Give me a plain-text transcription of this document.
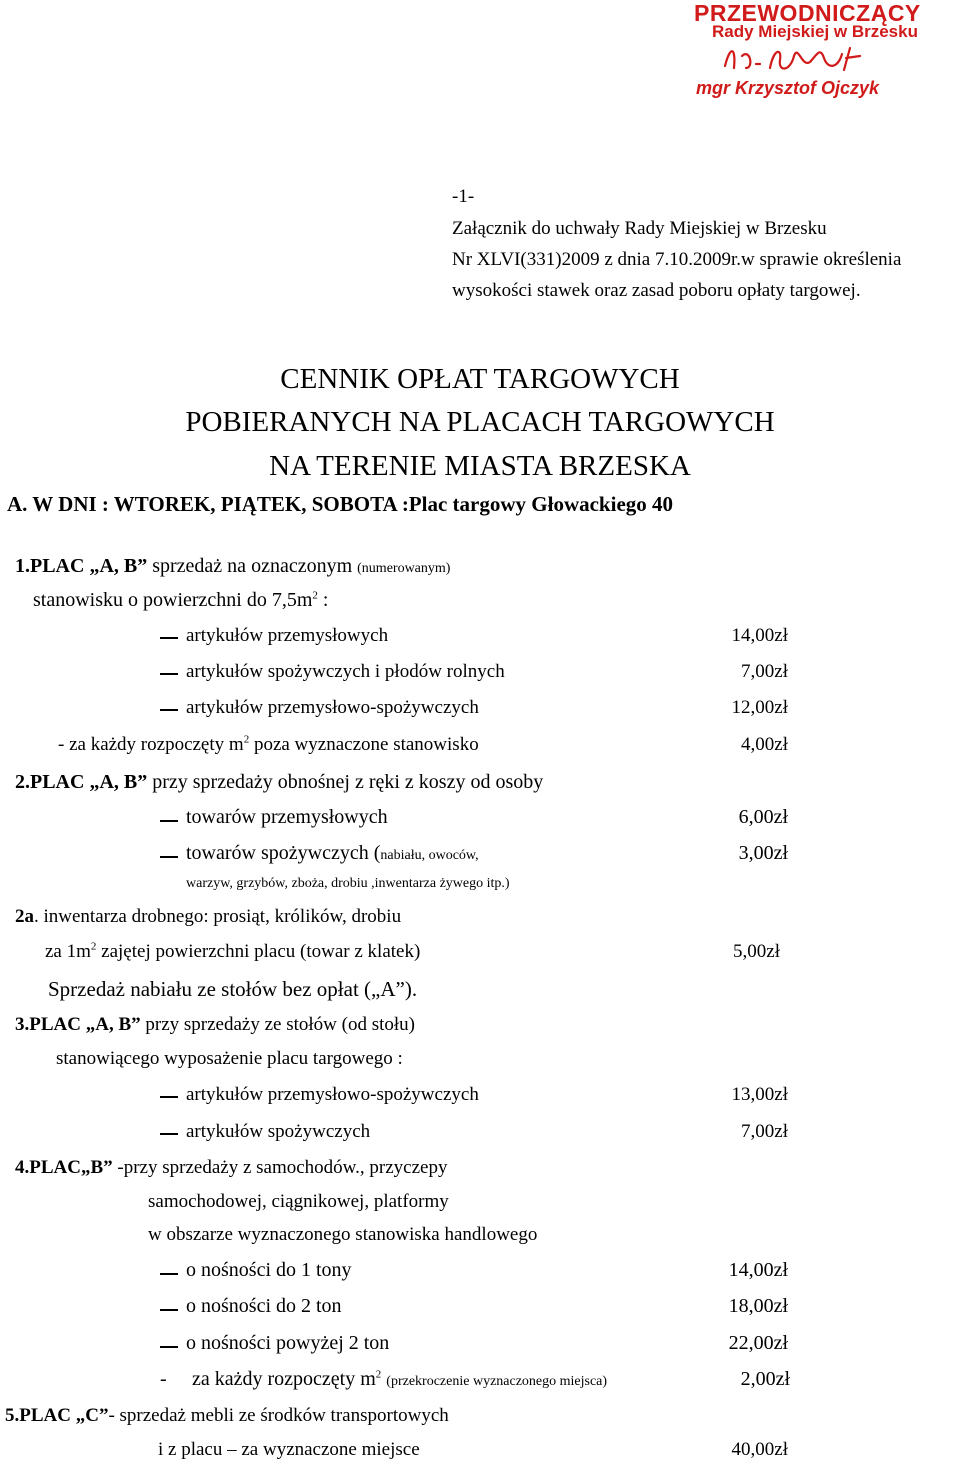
PRZEWODNICZĄCY
Rady Miejskiej w Brzesku
mgr Krzysztof Ojczyk
-1-
Załącznik do uchwały Rady Miejskiej w Brzesku
Nr XLVI(331)2009 z dnia 7.10.2009r.w sprawie określenia
wysokości stawek oraz zasad poboru opłaty targowej.
CENNIK OPŁAT TARGOWYCH
POBIERANYCH NA PLACACH TARGOWYCH
NA TERENIE MIASTA BRZESKA
A. W DNI : WTOREK, PIĄTEK, SOBOTA :Plac targowy Głowackiego 40
1.PLAC „A, B” sprzedaż na oznaczonym (numerowanym)
stanowisku o powierzchni do $7,5m^2$ :
artykułów przemysłowych	14,00zł
artykułów spożywczych i płodów rolnych	7,00zł
artykułów przemysłowo-spożywczych	12,00zł
- za każdy rozpoczęty $m^2$ poza wyznaczone stanowisko	4,00zł
2.PLAC „A, B” przy sprzedaży obnośnej z ręki z koszy od osoby
towarów przemysłowych	6,00zł
towarów spożywczych (nabiału, owoców,	3,00zł
warzyw, grzybów, zboża, drobiu ,inwentarza żywego itp.)
2a. inwentarza drobnego: prosiąt, królików, drobiu
za $1m^2$ zajętej powierzchni placu (towar z klatek)	5,00zł
Sprzedaż nabiału ze stołów bez opłat („A”).
3.PLAC „A, B” przy sprzedaży ze stołów (od stołu)
stanowiącego wyposażenie placu targowego :
artykułów przemysłowo-spożywczych	13,00zł
artykułów spożywczych	7,00zł
4.PLAC„B” -przy sprzedaży z samochodów., przyczepy
samochodowej, ciągnikowej, platformy
w obszarze wyznaczonego stanowiska handlowego
o nośności do 1 tony	14,00zł
o nośności do 2 ton	18,00zł
o nośności powyżej 2 ton	22,00zł
- za każdy rozpoczęty $m^2$ (przekroczenie wyznaczonego miejsca)	2,00zł
5.PLAC „C”- sprzedaż mebli ze środków transportowych
i z placu – za wyznaczone miejsce	40,00zł
